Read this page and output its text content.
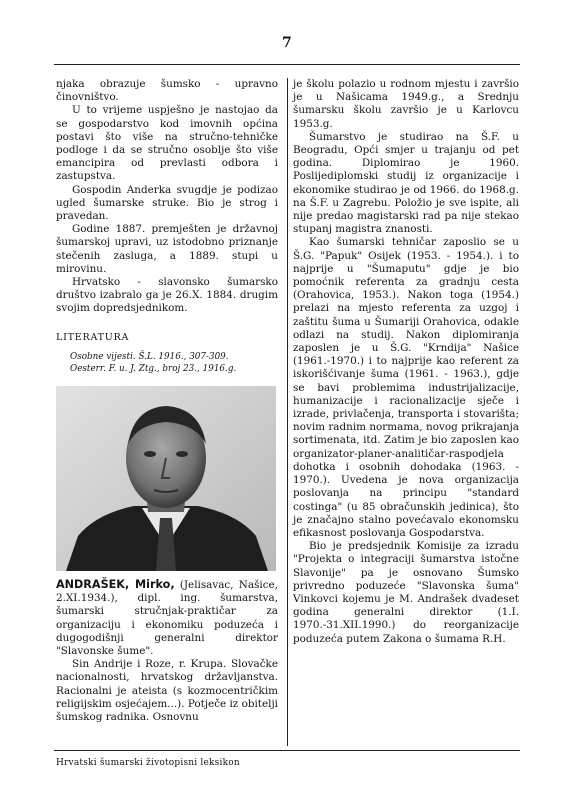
7

njaka obrazuje šumsko - upravno činovništvo.

U to vrijeme uspješno je nastojao da se gospodarstvo kod imovnih općina postavi što više na stručno-tehničke podloge i da se stručno osoblje što više emancipira od prevlasti odbora i zastupstva.

Gospodin Anderka svugdje je podizao ugled šumarske struke. Bio je strog i pravedan.

Godine 1887. premješten je državnoj šumarskoj upravi, uz istodobno priznanje stečenih zasluga, a 1889. stupi u mirovinu.

Hrvatsko - slavonsko šumarsko društvo izabralo ga je 26.X. 1884. drugim svojim dopredsjednikom.

LITERATURA
Osobne vijesti. Š.L. 1916., 307-309.
Oesterr. F. u. J. Ztg., broj 23., 1916.g.

ANDRAŠEK, Mirko, (Jelisavac, Našice, 2.XI.1934.), dipl. ing. šumarstva, šumarski stručnjak-praktičar za organizaciju i ekonomiku poduzeća i dugogodišnji generalni direktor "Slavonske šume".

Sin Andrije i Roze, r. Krupa. Slovačke nacionalnosti, hrvatskog državljanstva. Racionalni je ateista (s kozmocentričkim religijskim osjećajem...). Potječe iz obitelji šumskog radnika. Osnovnu

je školu polazio u rodnom mjestu i završio je u Našicama 1949.g., a Srednju šumarsku školu završio je u Karlovcu 1953.g.

Šumarstvo je studirao na Š.F. u Beogradu, Opći smjer u trajanju od pet godina. Diplomirao je 1960. Poslijediplomski studij iz organizacije i ekonomike studirao je od 1966. do 1968.g. na Š.F. u Zagrebu. Položio je sve ispite, ali nije predao magistarski rad pa nije stekao stupanj magistra znanosti.

Kao šumarski tehničar zaposlio se u Š.G. "Papuk" Osijek (1953. - 1954.). i to najprije u "Šumaputu" gdje je bio pomoćnik referenta za gradnju cesta (Orahovica, 1953.). Nakon toga (1954.) prelazi na mjesto referenta za uzgoj i zaštitu šuma u Šumariji Orahovica, odakle odlazi na studij. Nakon diplomiranja zaposlen je u Š.G. "Krndija" Našice (1961.-1970.) i to najprije kao referent za iskorišćivanje šuma (1961. - 1963.), gdje se bavi problemima industrijalizacije, humanizacije i racionalizacije sječe i izrade, privlačenja, transporta i stovarišta; novim radnim normama, novog prikrajanja sortimenata, itd. Zatim je bio zaposlen kao organizator-planer-analitičar-raspodjela dohotka i osobnih dohodaka (1963. - 1970.). Uvedena je nova organizacija poslovanja na principu "standard costinga" (u 85 obračunskih jedinica), što je značajno stalno povećavalo ekonomsku efikasnost poslovanja Gospodarstva.

Bio je predsjednik Komisije za izradu "Projekta o integraciji šumarstva istočne Slavonije" pa je osnovano Šumsko privredno poduzeće "Slavonska šuma" Vinkovci kojemu je M. Andrašek dvadeset godina generalni direktor (1.I. 1970.-31.XII.1990.) do reorganizacije poduzeća putem Zakona o šumama R.H.

Hrvatski šumarski životopisni leksikon
